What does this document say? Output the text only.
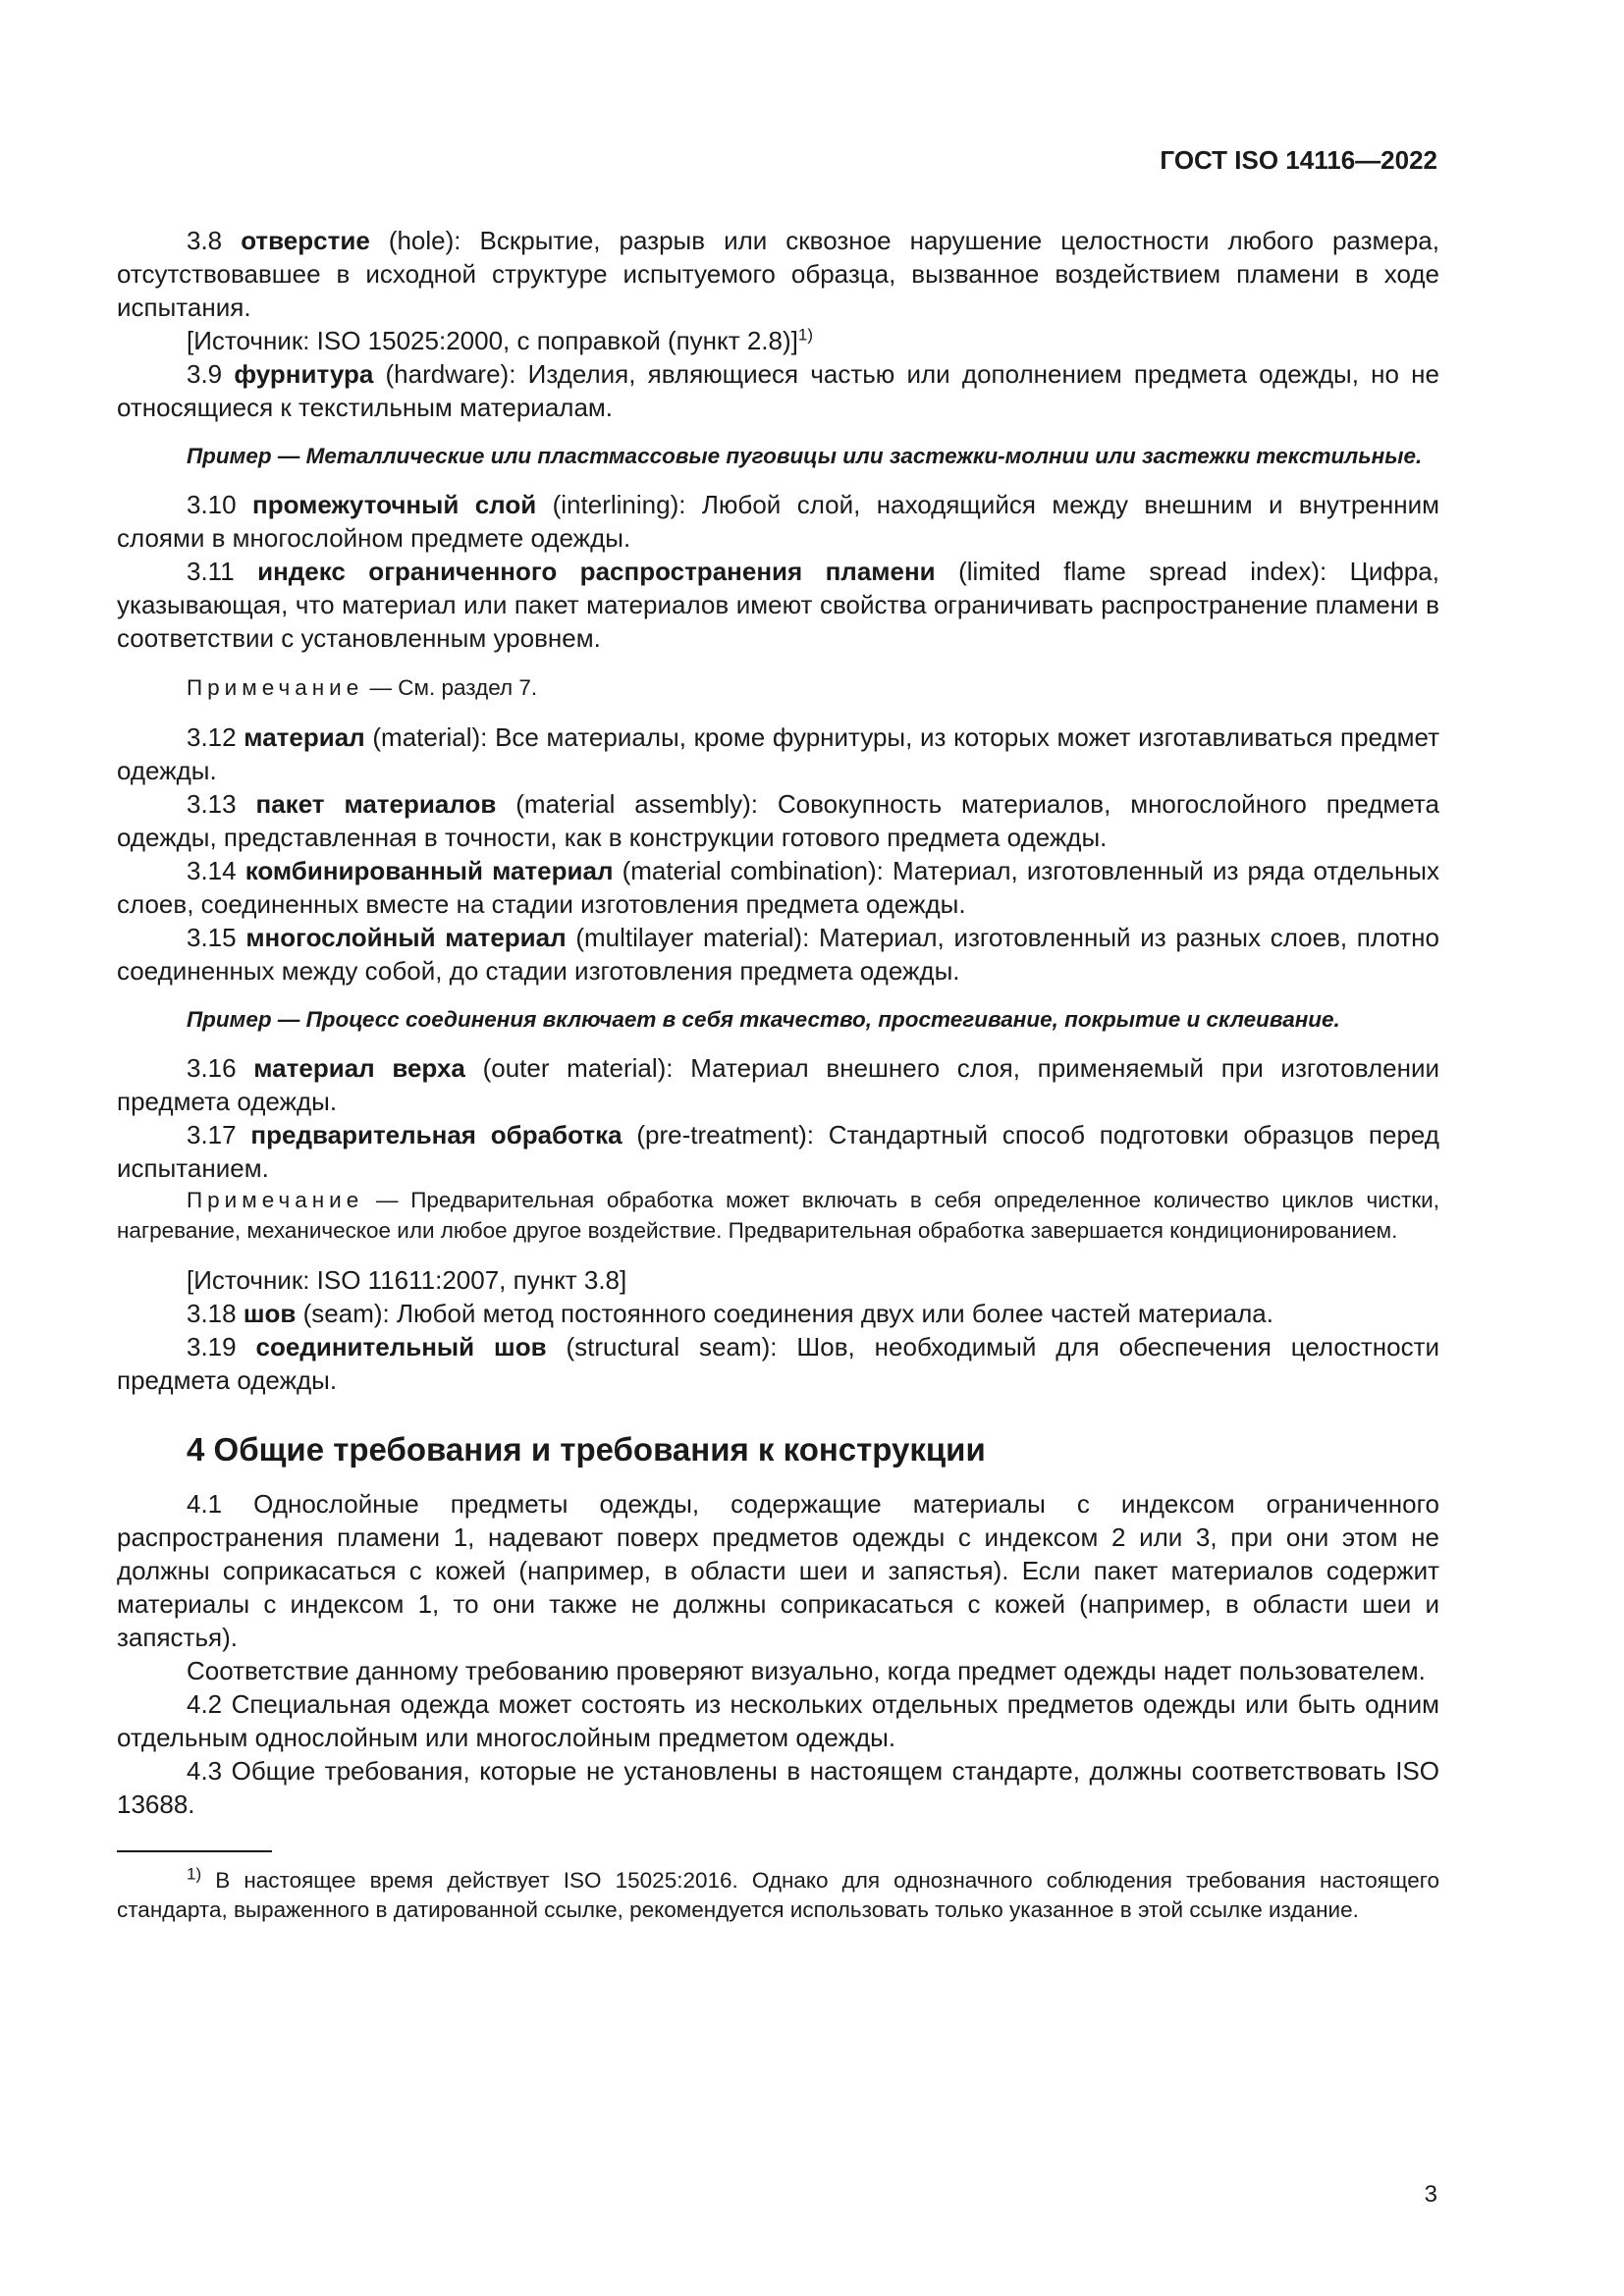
ГОСТ ISO 14116—2022

3.8 отверстие (hole): Вскрытие, разрыв или сквозное нарушение целостности любого размера, отсутствовавшее в исходной структуре испытуемого образца, вызванное воздействием пламени в ходе испытания.

[Источник: ISO 15025:2000, с поправкой (пункт 2.8)]$^{1)}$

3.9 фурнитура (hardware): Изделия, являющиеся частью или дополнением предмета одежды, но не относящиеся к текстильным материалам.

Пример — Металлические или пластмассовые пуговицы или застежки-молнии или застежки текстильные.

3.10 промежуточный слой (interlining): Любой слой, находящийся между внешним и внутренним слоями в многослойном предмете одежды.

3.11 индекс ограниченного распространения пламени (limited flame spread index): Цифра, указывающая, что материал или пакет материалов имеют свойства ограничивать распространение пламени в соответствии с установленным уровнем.

Примечание — См. раздел 7.

3.12 материал (material): Все материалы, кроме фурнитуры, из которых может изготавливаться предмет одежды.

3.13 пакет материалов (material assembly): Совокупность материалов, многослойного предмета одежды, представленная в точности, как в конструкции готового предмета одежды.

3.14 комбинированный материал (material combination): Материал, изготовленный из ряда отдельных слоев, соединенных вместе на стадии изготовления предмета одежды.

3.15 многослойный материал (multilayer material): Материал, изготовленный из разных слоев, плотно соединенных между собой, до стадии изготовления предмета одежды.

Пример — Процесс соединения включает в себя ткачество, простегивание, покрытие и склеивание.

3.16 материал верха (outer material): Материал внешнего слоя, применяемый при изготовлении предмета одежды.

3.17 предварительная обработка (pre-treatment): Стандартный способ подготовки образцов перед испытанием.

Примечание — Предварительная обработка может включать в себя определенное количество циклов чистки, нагревание, механическое или любое другое воздействие. Предварительная обработка завершается кондиционированием.

[Источник: ISO 11611:2007, пункт 3.8]

3.18 шов (seam): Любой метод постоянного соединения двух или более частей материала.

3.19 соединительный шов (structural seam): Шов, необходимый для обеспечения целостности предмета одежды.

4 Общие требования и требования к конструкции

4.1 Однослойные предметы одежды, содержащие материалы с индексом ограниченного распространения пламени 1, надевают поверх предметов одежды с индексом 2 или 3, при они этом не должны соприкасаться с кожей (например, в области шеи и запястья). Если пакет материалов содержит материалы с индексом 1, то они также не должны соприкасаться с кожей (например, в области шеи и запястья).

Соответствие данному требованию проверяют визуально, когда предмет одежды надет пользователем.

4.2 Специальная одежда может состоять из нескольких отдельных предметов одежды или быть одним отдельным однослойным или многослойным предметом одежды.

4.3 Общие требования, которые не установлены в настоящем стандарте, должны соответствовать ISO 13688.

$^{1)}$ В настоящее время действует ISO 15025:2016. Однако для однозначного соблюдения требования настоящего стандарта, выраженного в датированной ссылке, рекомендуется использовать только указанное в этой ссылке издание.

3
